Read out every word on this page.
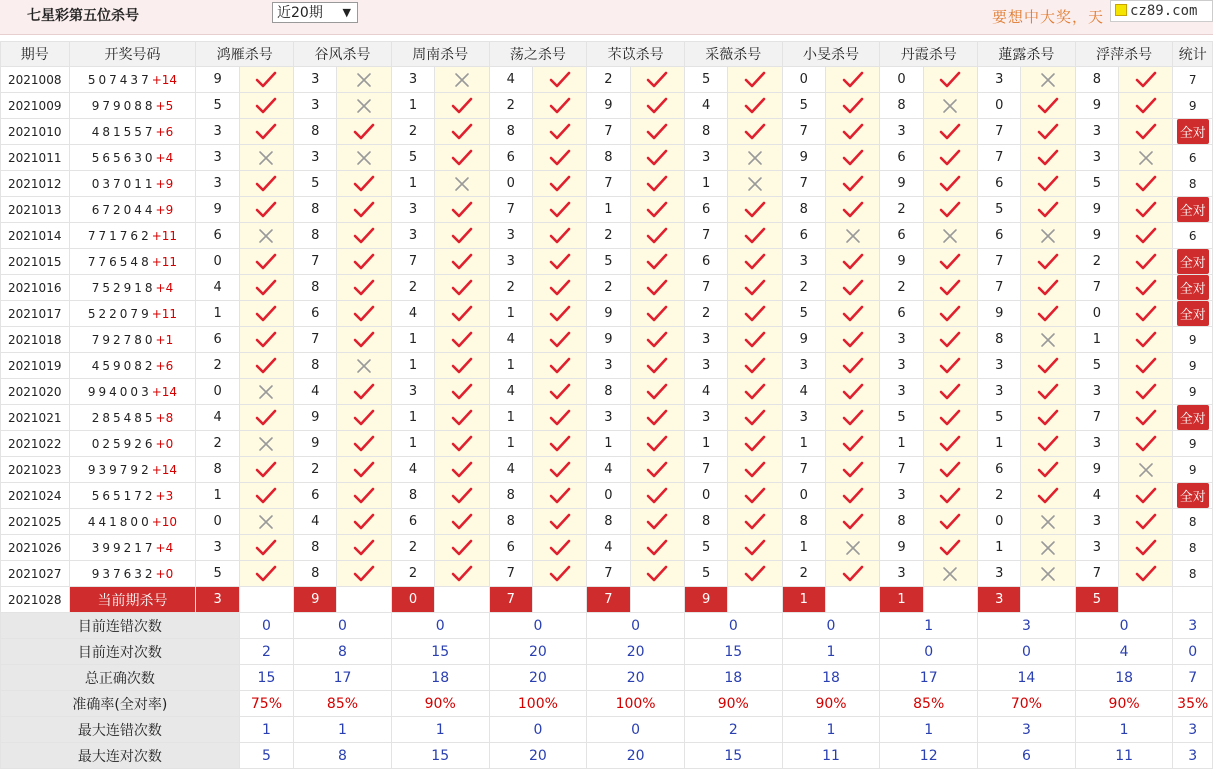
七星彩第五位杀号	近20期 ▼	要想中大奖，天	cz89.com
期号	开奖号码	鸿雁杀号		谷风杀号		周南杀号		荡之杀号		芣苡杀号		采薇杀号		小旻杀号		丹霞杀号		蓮露杀号		浮萍杀号		统计
2021008	507437+14	9		3		3		4		2		5		0		0		3		8		7
2021009	979088+5	5		3		1		2		9		4		5		8		0		9		9
2021010	481557+6	3		8		2		8		7		8		7		3		7		3		全对
2021011	565630+4	3		3		5		6		8		3		9		6		7		3		6
2021012	037011+9	3		5		1		0		7		1		7		9		6		5		8
2021013	672044+9	9		8		3		7		1		6		8		2		5		9		全对
2021014	771762+11	6		8		3		3		2		7		6		6		6		9		6
2021015	776548+11	0		7		7		3		5		6		3		9		7		2		全对
2021016	752918+4	4		8		2		2		2		7		2		2		7		7		全对
2021017	522079+11	1		6		4		1		9		2		5		6		9		0		全对
2021018	792780+1	6		7		1		4		9		3		9		3		8		1		9
2021019	459082+6	2		8		1		1		3		3		3		3		3		5		9
2021020	994003+14	0		4		3		4		8		4		4		3		3		3		9
2021021	285485+8	4		9		1		1		3		3		3		5		5		7		全对
2021022	025926+0	2		9		1		1		1		1		1		1		1		3		9
2021023	939792+14	8		2		4		4		4		7		7		7		6		9		9
2021024	565172+3	1		6		8		8		0		0		0		3		2		4		全对
2021025	441800+10	0		4		6		8		8		8		8		8		0		3		8
2021026	399217+4	3		8		2		6		4		5		1		9		1		3		8
2021027	937632+0	5		8		2		7		7		5		2		3		3		7		8
2021028	当前期杀号	3		9		0		7		7		9		1		1		3		5		
目前连错次数			0	0		0		0		0		0		0		1		3		0		3
目前连对次数			2	8		15		20		20		15		1		0		0		4		0
总正确次数			15	17		18		20		20		18		18		17		14		18		7
准确率(全对率)			75%	85%		90%		100%		100%		90%		90%		85%		70%		90%		35%
最大连错次数			1	1		1		0		0		2		1		1		3		1		3
最大连对次数			5	8		15		20		20		15		11		12		6		11		3
